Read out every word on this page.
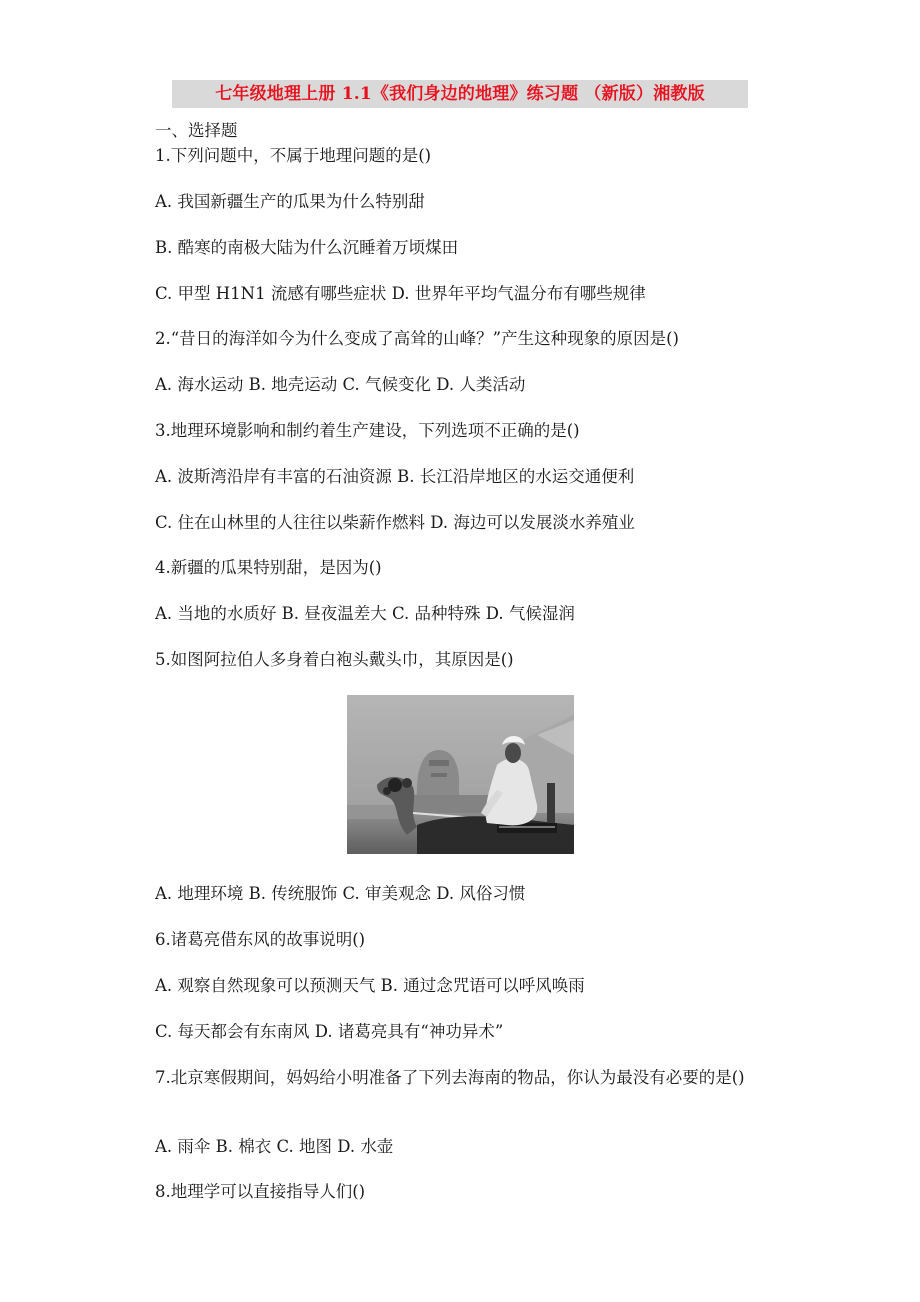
七年级地理上册 1.1《我们身边的地理》练习题 （新版）湘教版
一、选择题
1.下列问题中，不属于地理问题的是()
A. 我国新疆生产的瓜果为什么特别甜
B. 酷寒的南极大陆为什么沉睡着万顷煤田
C. 甲型 H1N1 流感有哪些症状 D. 世界年平均气温分布有哪些规律
2.“昔日的海洋如今为什么变成了高耸的山峰？”产生这种现象的原因是()
A. 海水运动 B. 地壳运动 C. 气候变化 D. 人类活动
3.地理环境影响和制约着生产建设，下列选项不正确的是()
A. 波斯湾沿岸有丰富的石油资源 B. 长江沿岸地区的水运交通便利
C. 住在山林里的人往往以柴薪作燃料 D. 海边可以发展淡水养殖业
4.新疆的瓜果特别甜，是因为()
A. 当地的水质好 B. 昼夜温差大 C. 品种特殊 D. 气候湿润
5.如图阿拉伯人多身着白袍头戴头巾，其原因是()
A. 地理环境 B. 传统服饰 C. 审美观念 D. 风俗习惯
6.诸葛亮借东风的故事说明()
A. 观察自然现象可以预测天气 B. 通过念咒语可以呼风唤雨
C. 每天都会有东南风 D. 诸葛亮具有“神功异术”
7.北京寒假期间，妈妈给小明准备了下列去海南的物品，你认为最没有必要的是()
A. 雨伞 B. 棉衣 C. 地图 D. 水壶
8.地理学可以直接指导人们()
